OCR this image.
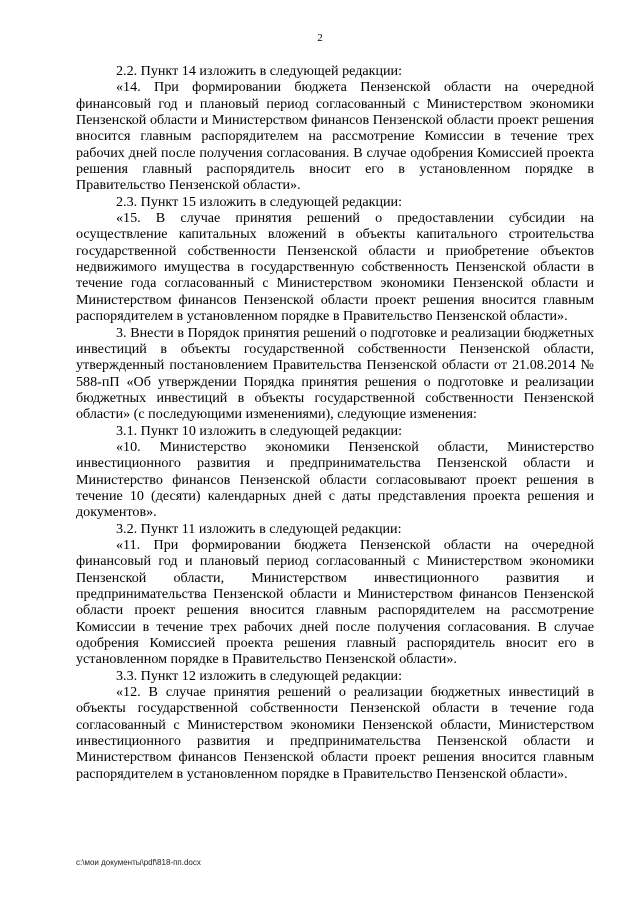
2

2.2. Пункт 14 изложить в следующей редакции:

«14. При формировании бюджета Пензенской области на очередной финансовый год и плановый период согласованный с Министерством экономики Пензенской области и Министерством финансов Пензенской области проект решения вносится главным распорядителем на рассмотрение Комиссии в течение трех рабочих дней после получения согласования. В случае одобрения Комиссией проекта решения главный распорядитель вносит его в установленном порядке в Правительство Пензенской области».

2.3. Пункт 15 изложить в следующей редакции:

«15. В случае принятия решений о предоставлении субсидии на осуществление капитальных вложений в объекты капитального строительства государственной собственности Пензенской области и приобретение объектов недвижимого имущества в государственную собственность Пензенской области в течение года согласованный с Министерством экономики Пензенской области и Министерством финансов Пензенской области проект решения вносится главным распорядителем в установленном порядке в Правительство Пензенской области».

3. Внести в Порядок принятия решений о подготовке и реализации бюджетных инвестиций в объекты государственной собственности Пензенской области, утвержденный постановлением Правительства Пензенской области от 21.08.2014 № 588-пП «Об утверждении Порядка принятия решения о подготовке и реализации бюджетных инвестиций в объекты государственной собственности Пензенской области» (с последующими изменениями), следующие изменения:

3.1. Пункт 10 изложить в следующей редакции:

«10. Министерство экономики Пензенской области, Министерство инвестиционного развития и предпринимательства Пензенской области и Министерство финансов Пензенской области согласовывают проект решения в течение 10 (десяти) календарных дней с даты представления проекта решения и документов».

3.2. Пункт 11 изложить в следующей редакции:

«11. При формировании бюджета Пензенской области на очередной финансовый год и плановый период согласованный с Министерством экономики Пензенской области, Министерством инвестиционного развития и предпринимательства Пензенской области и Министерством финансов Пензенской области проект решения вносится главным распорядителем на рассмотрение Комиссии в течение трех рабочих дней после получения согласования. В случае одобрения Комиссией проекта решения главный распорядитель вносит его в установленном порядке в Правительство Пензенской области».

3.3. Пункт 12 изложить в следующей редакции:

«12. В случае принятия решений о реализации бюджетных инвестиций в объекты государственной собственности Пензенской области в течение года согласованный с Министерством экономики Пензенской области, Министерством инвестиционного развития и предпринимательства Пензенской области и Министерством финансов Пензенской области проект решения вносится главным распорядителем в установленном порядке в Правительство Пензенской области».

c:\мои документы\pdf\818-пп.docx
